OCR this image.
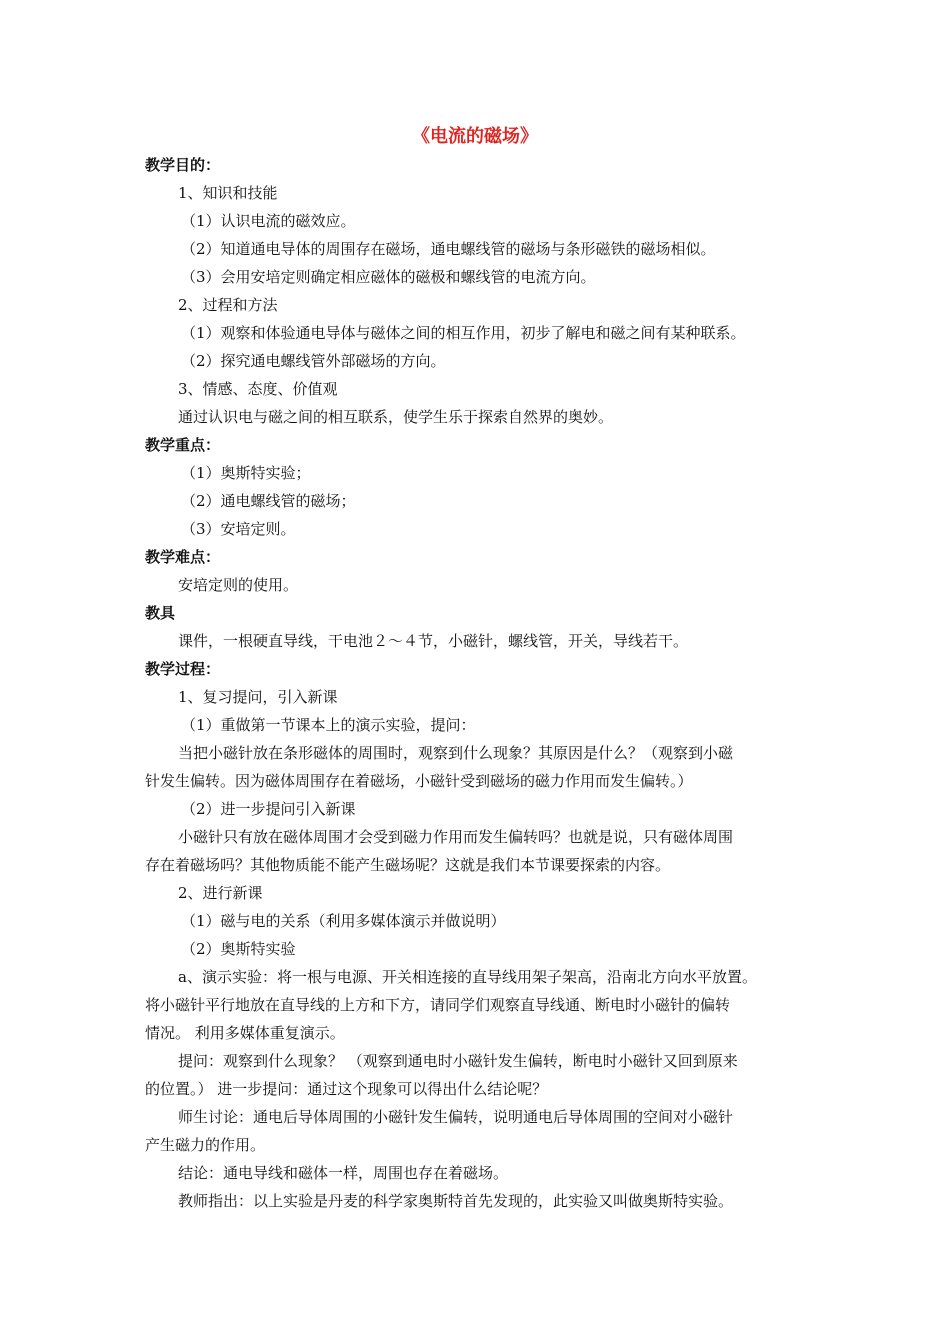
《电流的磁场》
教学目的：
1、知识和技能
（1）认识电流的磁效应。
（2）知道通电导体的周围存在磁场，通电螺线管的磁场与条形磁铁的磁场相似。
（3）会用安培定则确定相应磁体的磁极和螺线管的电流方向。
2、过程和方法
（1）观察和体验通电导体与磁体之间的相互作用，初步了解电和磁之间有某种联系。
（2）探究通电螺线管外部磁场的方向。
3、情感、态度、价值观
通过认识电与磁之间的相互联系，使学生乐于探索自然界的奥妙。
教学重点：
（1）奥斯特实验；
（2）通电螺线管的磁场；
（3）安培定则。
教学难点：
安培定则的使用。
教具
课件，一根硬直导线，干电池２～４节，小磁针，螺线管，开关，导线若干。
教学过程：
1、复习提问，引入新课
（1）重做第一节课本上的演示实验，提问：
当把小磁针放在条形磁体的周围时，观察到什么现象？其原因是什么？（观察到小磁
针发生偏转。因为磁体周围存在着磁场，小磁针受到磁场的磁力作用而发生偏转。）
（2）进一步提问引入新课
小磁针只有放在磁体周围才会受到磁力作用而发生偏转吗？也就是说，只有磁体周围
存在着磁场吗？其他物质能不能产生磁场呢？这就是我们本节课要探索的内容。
2、进行新课
（1）磁与电的关系（利用多媒体演示并做说明）
（2）奥斯特实验
a、演示实验：将一根与电源、开关相连接的直导线用架子架高，沿南北方向水平放置。
将小磁针平行地放在直导线的上方和下方，请同学们观察直导线通、断电时小磁针的偏转
情况。 利用多媒体重复演示。
提问：观察到什么现象？ （观察到通电时小磁针发生偏转，断电时小磁针又回到原来
的位置。） 进一步提问：通过这个现象可以得出什么结论呢？
师生讨论：通电后导体周围的小磁针发生偏转，说明通电后导体周围的空间对小磁针
产生磁力的作用。
结论：通电导线和磁体一样，周围也存在着磁场。
教师指出：以上实验是丹麦的科学家奥斯特首先发现的，此实验又叫做奥斯特实验。
